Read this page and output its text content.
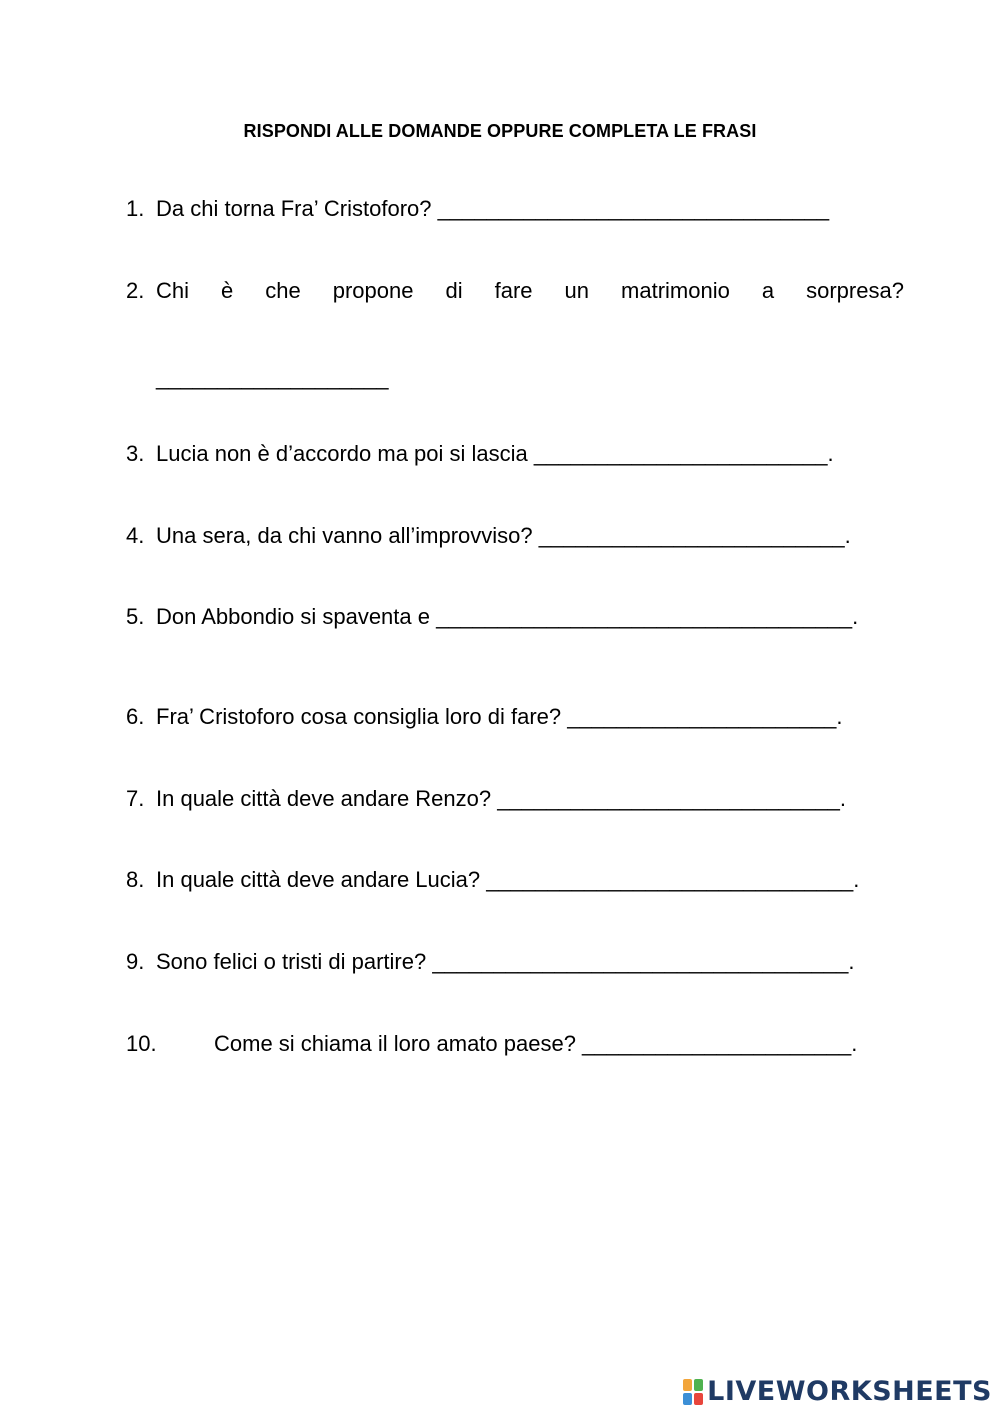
RISPONDI ALLE DOMANDE OPPURE COMPLETA LE FRASI
1. Da chi torna Fra’ Cristoforo? ________________________________
2. Chi è che propone di fare un matrimonio a sorpresa?
___________________
3. Lucia non è d’accordo ma poi si lascia ________________________.
4. Una sera, da chi vanno all’improvviso? _________________________.
5. Don Abbondio si spaventa e __________________________________.
6. Fra’ Cristoforo cosa consiglia loro di fare? ______________________.
7. In quale città deve andare Renzo? ____________________________.
8. In quale città deve andare Lucia? ______________________________.
9. Sono felici o tristi di partire? __________________________________.
10.	Come si chiama il loro amato paese? ______________________.
LIVEWORKSHEETS
